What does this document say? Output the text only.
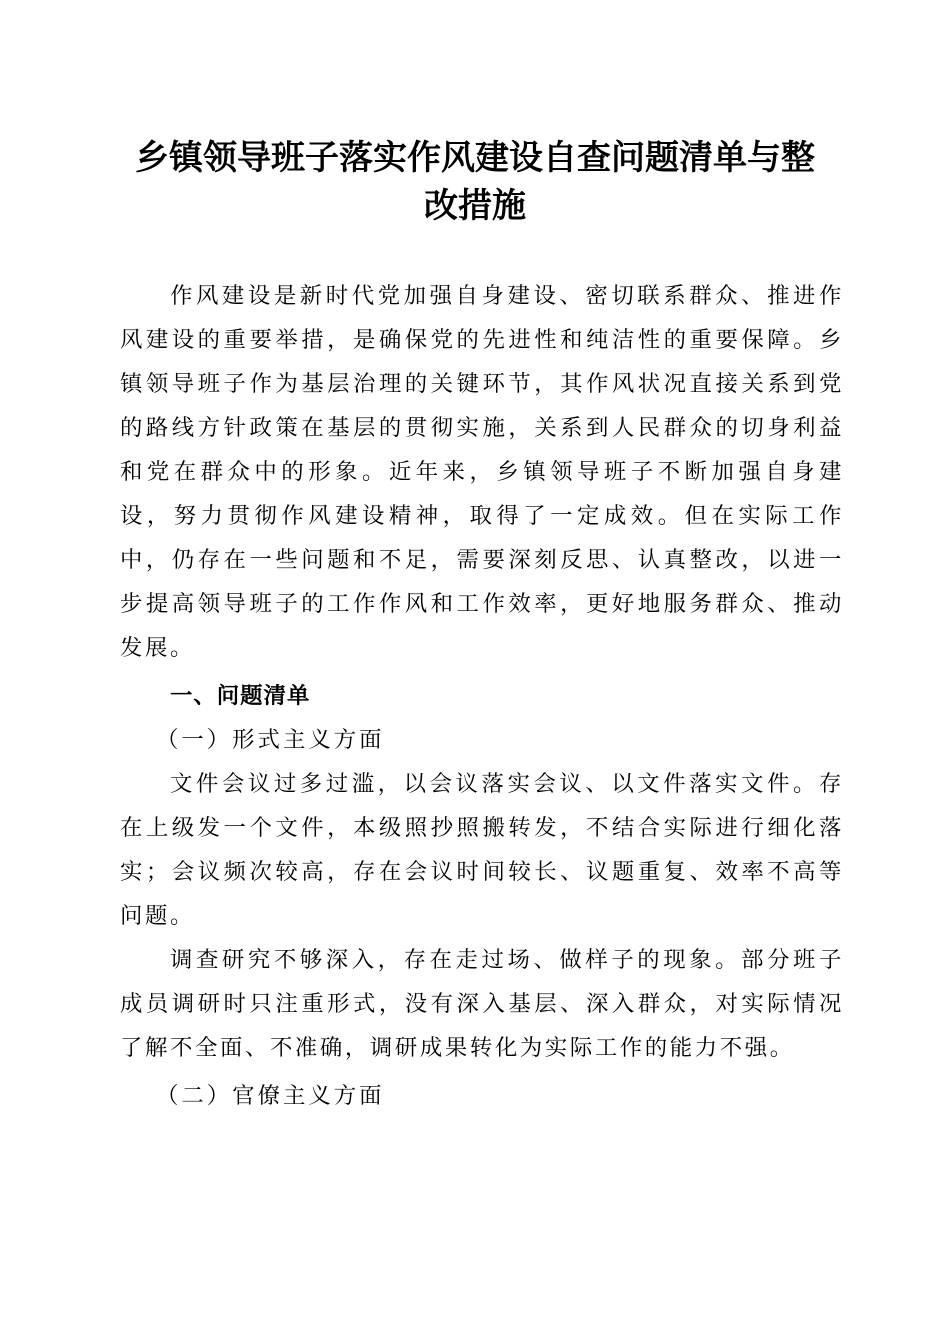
乡镇领导班子落实作风建设自查问题清单与整
改措施

作风建设是新时代党加强自身建设、密切联系群众、推进作风建设的重要举措，是确保党的先进性和纯洁性的重要保障。乡镇领导班子作为基层治理的关键环节，其作风状况直接关系到党的路线方针政策在基层的贯彻实施，关系到人民群众的切身利益和党在群众中的形象。近年来，乡镇领导班子不断加强自身建设，努力贯彻作风建设精神，取得了一定成效。但在实际工作中，仍存在一些问题和不足，需要深刻反思、认真整改，以进一步提高领导班子的工作作风和工作效率，更好地服务群众、推动发展。

一、问题清单

（一）形式主义方面

文件会议过多过滥，以会议落实会议、以文件落实文件。存在上级发一个文件，本级照抄照搬转发，不结合实际进行细化落实；会议频次较高，存在会议时间较长、议题重复、效率不高等问题。

调查研究不够深入，存在走过场、做样子的现象。部分班子成员调研时只注重形式，没有深入基层、深入群众，对实际情况了解不全面、不准确，调研成果转化为实际工作的能力不强。

（二）官僚主义方面
